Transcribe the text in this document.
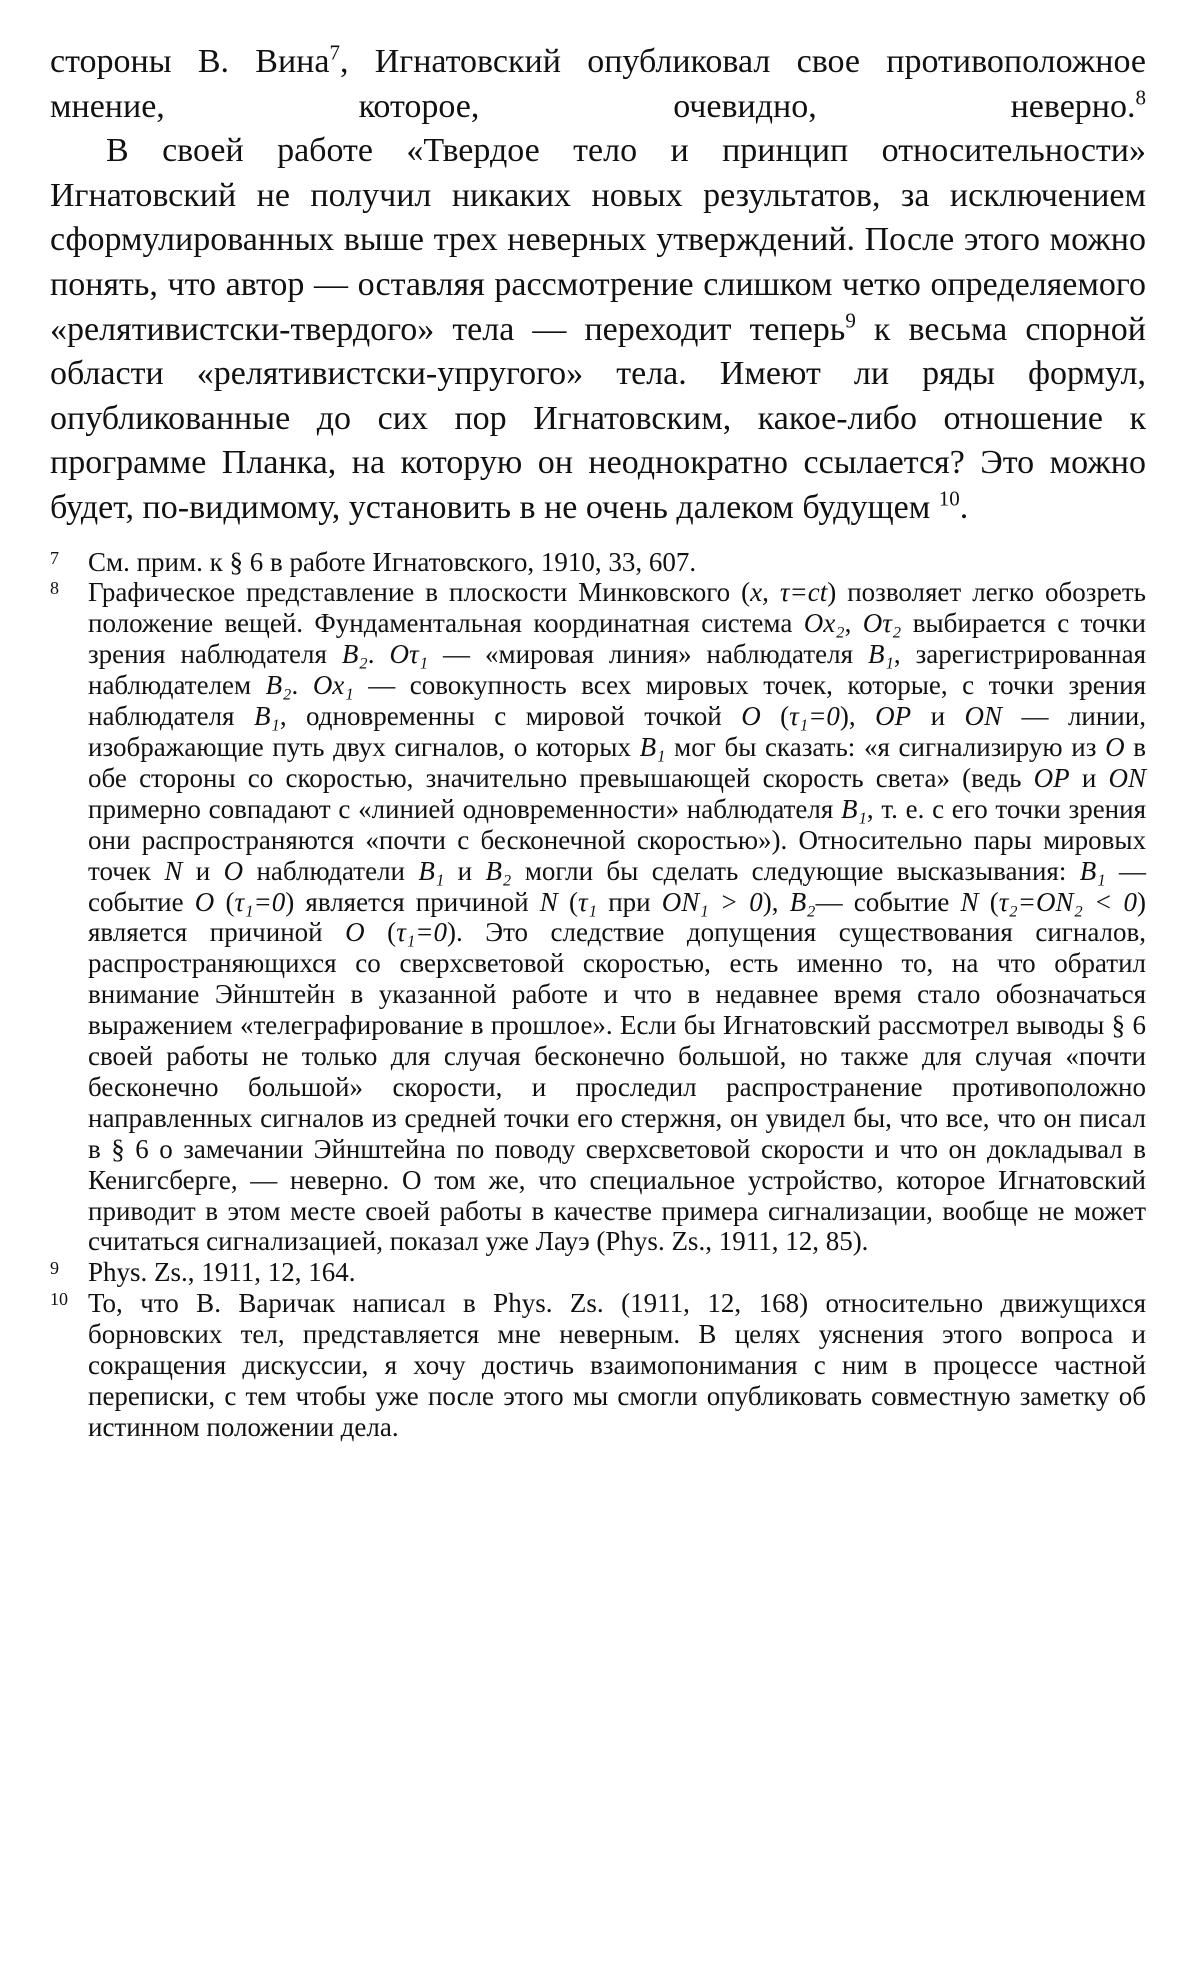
стороны В. Вина$^7$, Игнатовский опубликовал свое противоположное мнение, которое, очевидно, неверно.$^8$

В своей работе «Твердое тело и принцип относительности» Игнатовский не получил никаких новых результатов, за исключением сформулированных выше трех неверных утверждений. После этого можно понять, что автор — оставляя рассмотрение слишком четко определяемого «релятивистски-твердого» тела — переходит теперь$^9$ к весьма спорной области «релятивистски-упругого» тела. Имеют ли ряды формул, опубликованные до сих пор Игнатовским, какое-либо отношение к программе Планка, на которую он неоднократно ссылается? Это можно будет, по-видимому, установить в не очень далеком будущем $^{10}$.

7 См. прим. к § 6 в работе Игнатовского, 1910, 33, 607.

8 Графическое представление в плоскости Минковского (x, τ=ct) позволяет легко обозреть положение вещей. Фундаментальная координатная система Ox₂, Oτ₂ выбирается с точки зрения наблюдателя B₂. Oτ₁ — «мировая линия» наблюдателя B₁, зарегистрированная наблюдателем B₂. Ox₁ — совокупность всех мировых точек, которые, с точки зрения наблюдателя B₁, одновременны с мировой точкой O (τ₁=0), OP и ON — линии, изображающие путь двух сигналов, о которых B₁ мог бы сказать: «я сигнализирую из O в обе стороны со скоростью, значительно превышающей скорость света» (ведь OP и ON примерно совпадают с «линией одновременности» наблюдателя B₁, т. е. с его точки зрения они распространяются «почти с бесконечной скоростью»). Относительно пары мировых точек N и O наблюдатели B₁ и B₂ могли бы сделать следующие высказывания: B₁ — событие O (τ₁=0) является причиной N (τ₁ при ON₁ > 0), B₂— событие N (τ₂=ON₂ < 0) является причиной O (τ₁=0). Это следствие допущения существования сигналов, распространяющихся со сверхсветовой скоростью, есть именно то, на что обратил внимание Эйнштейн в указанной работе и что в недавнее время стало обозначаться выражением «телеграфирование в прошлое». Если бы Игнатовский рассмотрел выводы § 6 своей работы не только для случая бесконечно большой, но также для случая «почти бесконечно большой» скорости, и проследил распространение противоположно направленных сигналов из средней точки его стержня, он увидел бы, что все, что он писал в § 6 о замечании Эйнштейна по поводу сверхсветовой скорости и что он докладывал в Кенигсберге, — неверно. О том же, что специальное устройство, которое Игнатовский приводит в этом месте своей работы в качестве примера сигнализации, вообще не может считаться сигнализацией, показал уже Лауэ (Phys. Zs., 1911, 12, 85).

9 Phys. Zs., 1911, 12, 164.

10 То, что В. Варичак написал в Phys. Zs. (1911, 12, 168) относительно движущихся борновских тел, представляется мне неверным. В целях уяснения этого вопроса и сокращения дискуссии, я хочу достичь взаимопонимания с ним в процессе частной переписки, с тем чтобы уже после этого мы смогли опубликовать совместную заметку об истинном положении дела.
